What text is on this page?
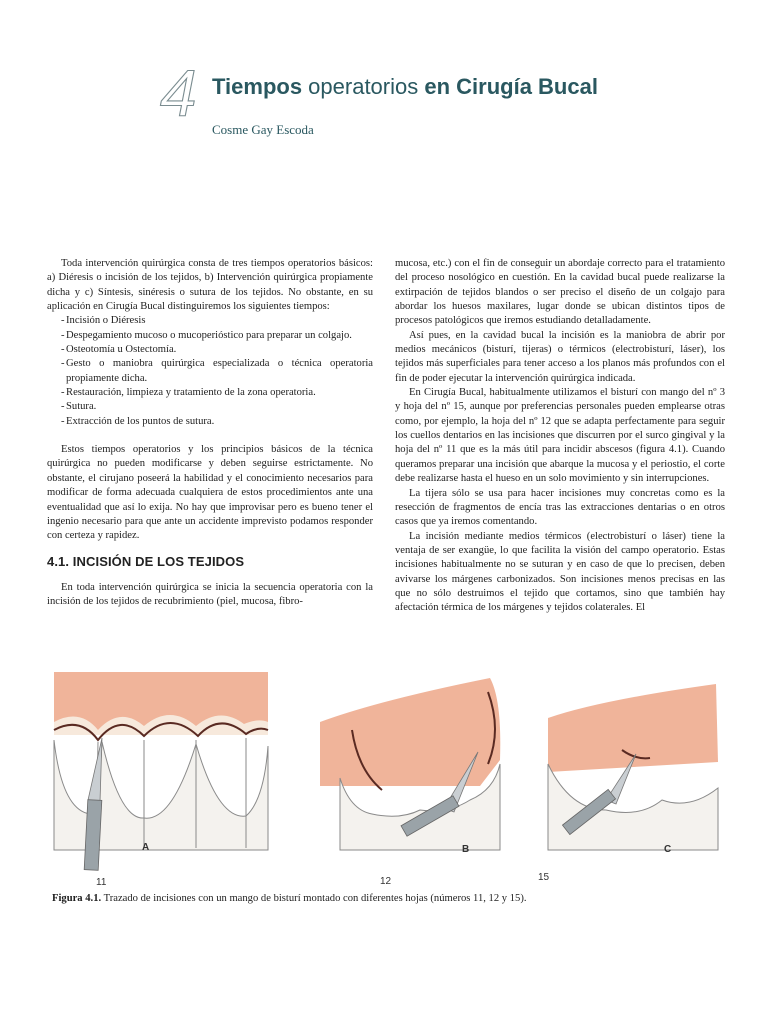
4 Tiempos operatorios en Cirugía Bucal
Cosme Gay Escoda

Toda intervención quirúrgica consta de tres tiempos operatorios básicos: a) Diéresis o incisión de los tejidos, b) Intervención quirúrgica propiamente dicha y c) Síntesis, sinéresis o sutura de los tejidos. No obstante, en su aplicación en Cirugía Bucal distinguiremos los siguientes tiempos:

- Incisión o Diéresis
- Despegamiento mucoso o mucoperióstico para preparar un colgajo.
- Osteotomía u Ostectomía.
- Gesto o maniobra quirúrgica especializada o técnica operatoria propiamente dicha.
- Restauración, limpieza y tratamiento de la zona operatoria.
- Sutura.
- Extracción de los puntos de sutura.

Estos tiempos operatorios y los principios básicos de la técnica quirúrgica no pueden modificarse y deben seguirse estrictamente. No obstante, el cirujano poseerá la habilidad y el conocimiento necesarios para modificar de forma adecuada cualquiera de estos procedimientos ante una eventualidad que así lo exija. No hay que improvisar pero es bueno tener el ingenio necesario para que ante un accidente imprevisto podamos responder con certeza y rapidez.

4.1. INCISIÓN DE LOS TEJIDOS

En toda intervención quirúrgica se inicia la secuencia operatoria con la incisión de los tejidos de recubrimiento (piel, mucosa, fibro-

mucosa, etc.) con el fin de conseguir un abordaje correcto para el tratamiento del proceso nosológico en cuestión. En la cavidad bucal puede realizarse la extirpación de tejidos blandos o ser preciso el diseño de un colgajo para abordar los huesos maxilares, lugar donde se ubican distintos tipos de procesos patológicos que iremos estudiando detalladamente.

Así pues, en la cavidad bucal la incisión es la maniobra de abrir por medios mecánicos (bisturí, tijeras) o térmicos (electrobisturí, láser), los tejidos más superficiales para tener acceso a los planos más profundos con el fin de poder ejecutar la intervención quirúrgica indicada.

En Cirugía Bucal, habitualmente utilizamos el bisturí con mango del nº 3 y hoja del nº 15, aunque por preferencias personales pueden emplearse otras como, por ejemplo, la hoja del nº 12 que se adapta perfectamente para seguir los cuellos dentarios en las incisiones que discurren por el surco gingival y la hoja del nº 11 que es la más útil para incidir abscesos (figura 4.1). Cuando queramos preparar una incisión que abarque la mucosa y el periostio, el corte debe realizarse hasta el hueso en un solo movimiento y sin interrupciones.

La tijera sólo se usa para hacer incisiones muy concretas como es la resección de fragmentos de encía tras las extracciones dentarias o en otros casos que ya iremos comentando.

La incisión mediante medios térmicos (electrobisturí o láser) tiene la ventaja de ser exangüe, lo que facilita la visión del campo operatorio. Estas incisiones habitualmente no se suturan y en caso de que lo precisen, deben avivarse los márgenes carbonizados. Son incisiones menos precisas en las que no sólo destruimos el tejido que cortamos, sino que también hay afectación térmica de los márgenes y tejidos colaterales. El

A
11
B
12
C
15
Figura 4.1. Trazado de incisiones con un mango de bisturí montado con diferentes hojas (números 11, 12 y 15).
